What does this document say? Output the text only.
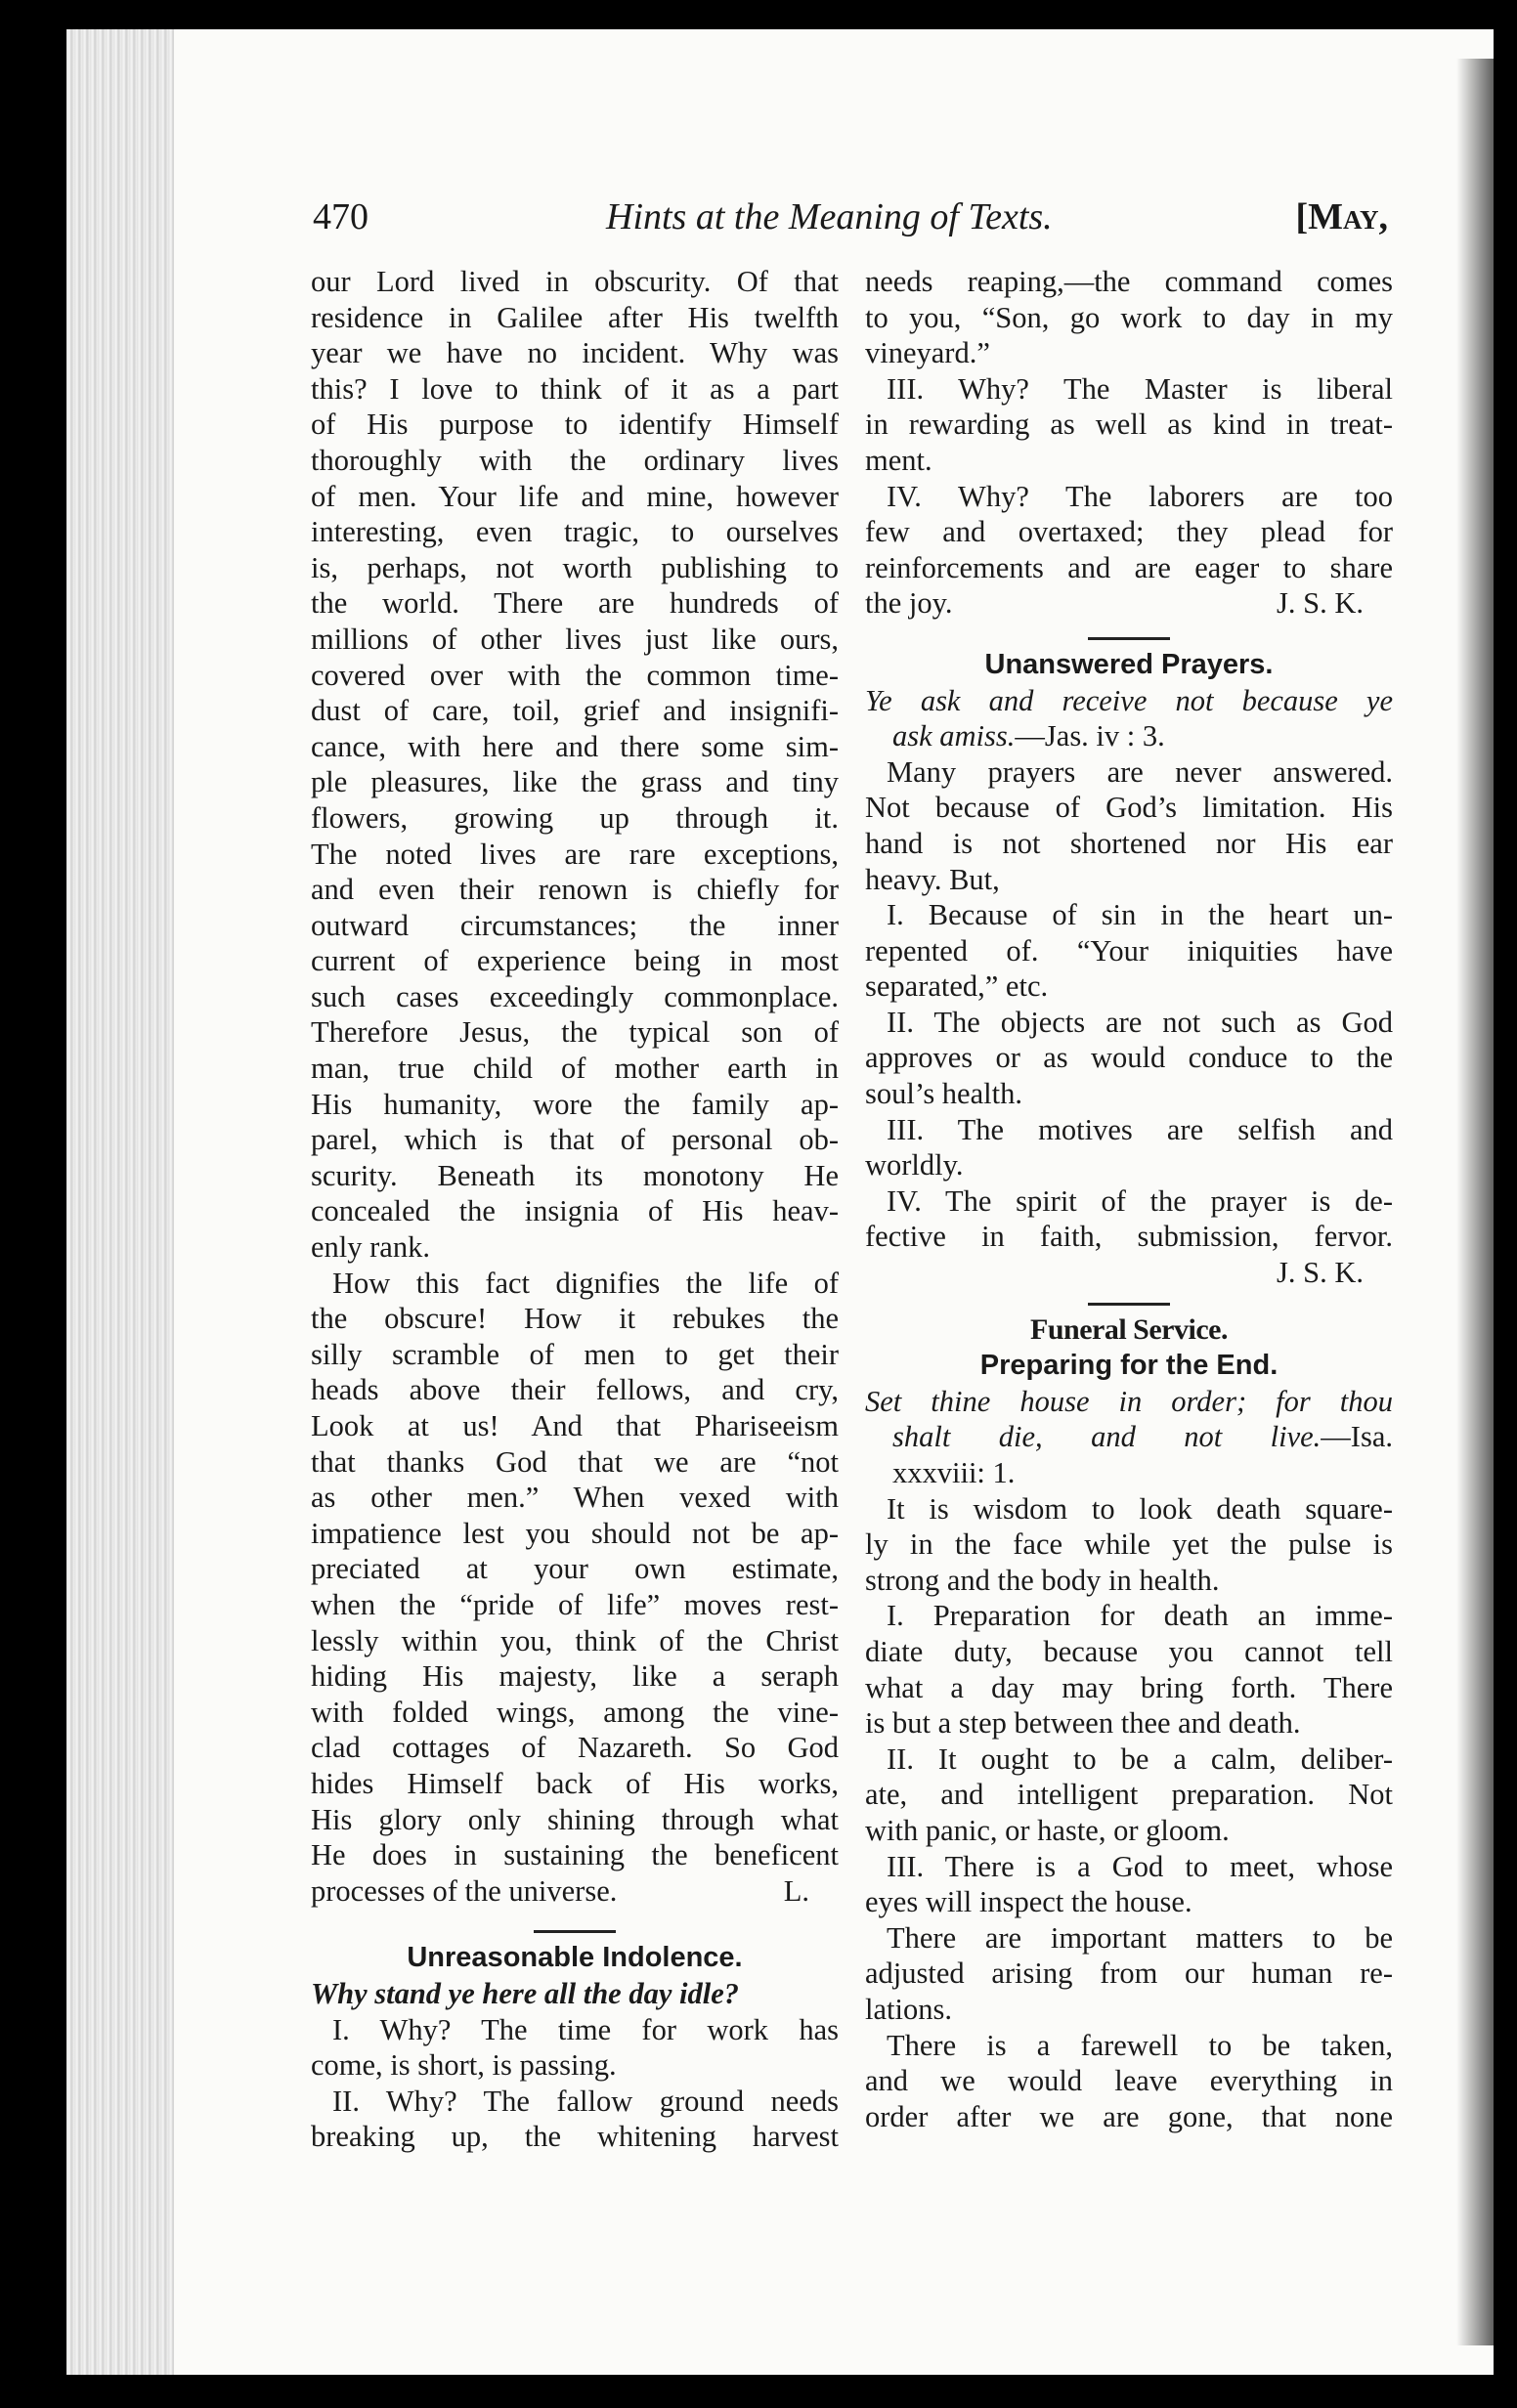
470	Hints at the Meaning of Texts.	[May,
our Lord lived in obscurity. Of that
residence in Galilee after His twelfth
year we have no incident. Why was
this? I love to think of it as a part
of His purpose to identify Himself
thoroughly with the ordinary lives
of men. Your life and mine, however
interesting, even tragic, to ourselves
is, perhaps, not worth publishing to
the world. There are hundreds of
millions of other lives just like ours,
covered over with the common time-
dust of care, toil, grief and insignifi-
cance, with here and there some sim-
ple pleasures, like the grass and tiny
flowers, growing up through it.
The noted lives are rare exceptions,
and even their renown is chiefly for
outward circumstances; the inner
current of experience being in most
such cases exceedingly commonplace.
Therefore Jesus, the typical son of
man, true child of mother earth in
His humanity, wore the family ap-
parel, which is that of personal ob-
scurity. Beneath its monotony He
concealed the insignia of His heav-
enly rank.
How this fact dignifies the life of
the obscure! How it rebukes the
silly scramble of men to get their
heads above their fellows, and cry,
Look at us! And that Phariseeism
that thanks God that we are “not
as other men.” When vexed with
impatience lest you should not be ap-
preciated at your own estimate,
when the “pride of life” moves rest-
lessly within you, think of the Christ
hiding His majesty, like a seraph
with folded wings, among the vine-
clad cottages of Nazareth. So God
hides Himself back of His works,
His glory only shining through what
He does in sustaining the beneficent
processes of the universe.	L.
Unreasonable Indolence.
Why stand ye here all the day idle?
I. Why? The time for work has
come, is short, is passing.
II. Why? The fallow ground needs
breaking up, the whitening harvest
needs reaping,—the command comes
to you, “Son, go work to day in my
vineyard.”
III. Why? The Master is liberal
in rewarding as well as kind in treat-
ment.
IV. Why? The laborers are too
few and overtaxed; they plead for
reinforcements and are eager to share
the joy.	J. S. K.
Unanswered Prayers.
Ye ask and receive not because ye
ask amiss.—Jas. iv : 3.
Many prayers are never answered.
Not because of God’s limitation. His
hand is not shortened nor His ear
heavy. But,
I. Because of sin in the heart un-
repented of. “Your iniquities have
separated,” etc.
II. The objects are not such as God
approves or as would conduce to the
soul’s health.
III. The motives are selfish and
worldly.
IV. The spirit of the prayer is de-
fective in faith, submission, fervor.
J. S. K.
Funeral Service.
Preparing for the End.
Set thine house in order; for thou
shalt die, and not live.—Isa.
xxxviii: 1.
It is wisdom to look death square-
ly in the face while yet the pulse is
strong and the body in health.
I. Preparation for death an imme-
diate duty, because you cannot tell
what a day may bring forth. There
is but a step between thee and death.
II. It ought to be a calm, deliber-
ate, and intelligent preparation. Not
with panic, or haste, or gloom.
III. There is a God to meet, whose
eyes will inspect the house.
There are important matters to be
adjusted arising from our human re-
lations.
There is a farewell to be taken,
and we would leave everything in
order after we are gone, that none
